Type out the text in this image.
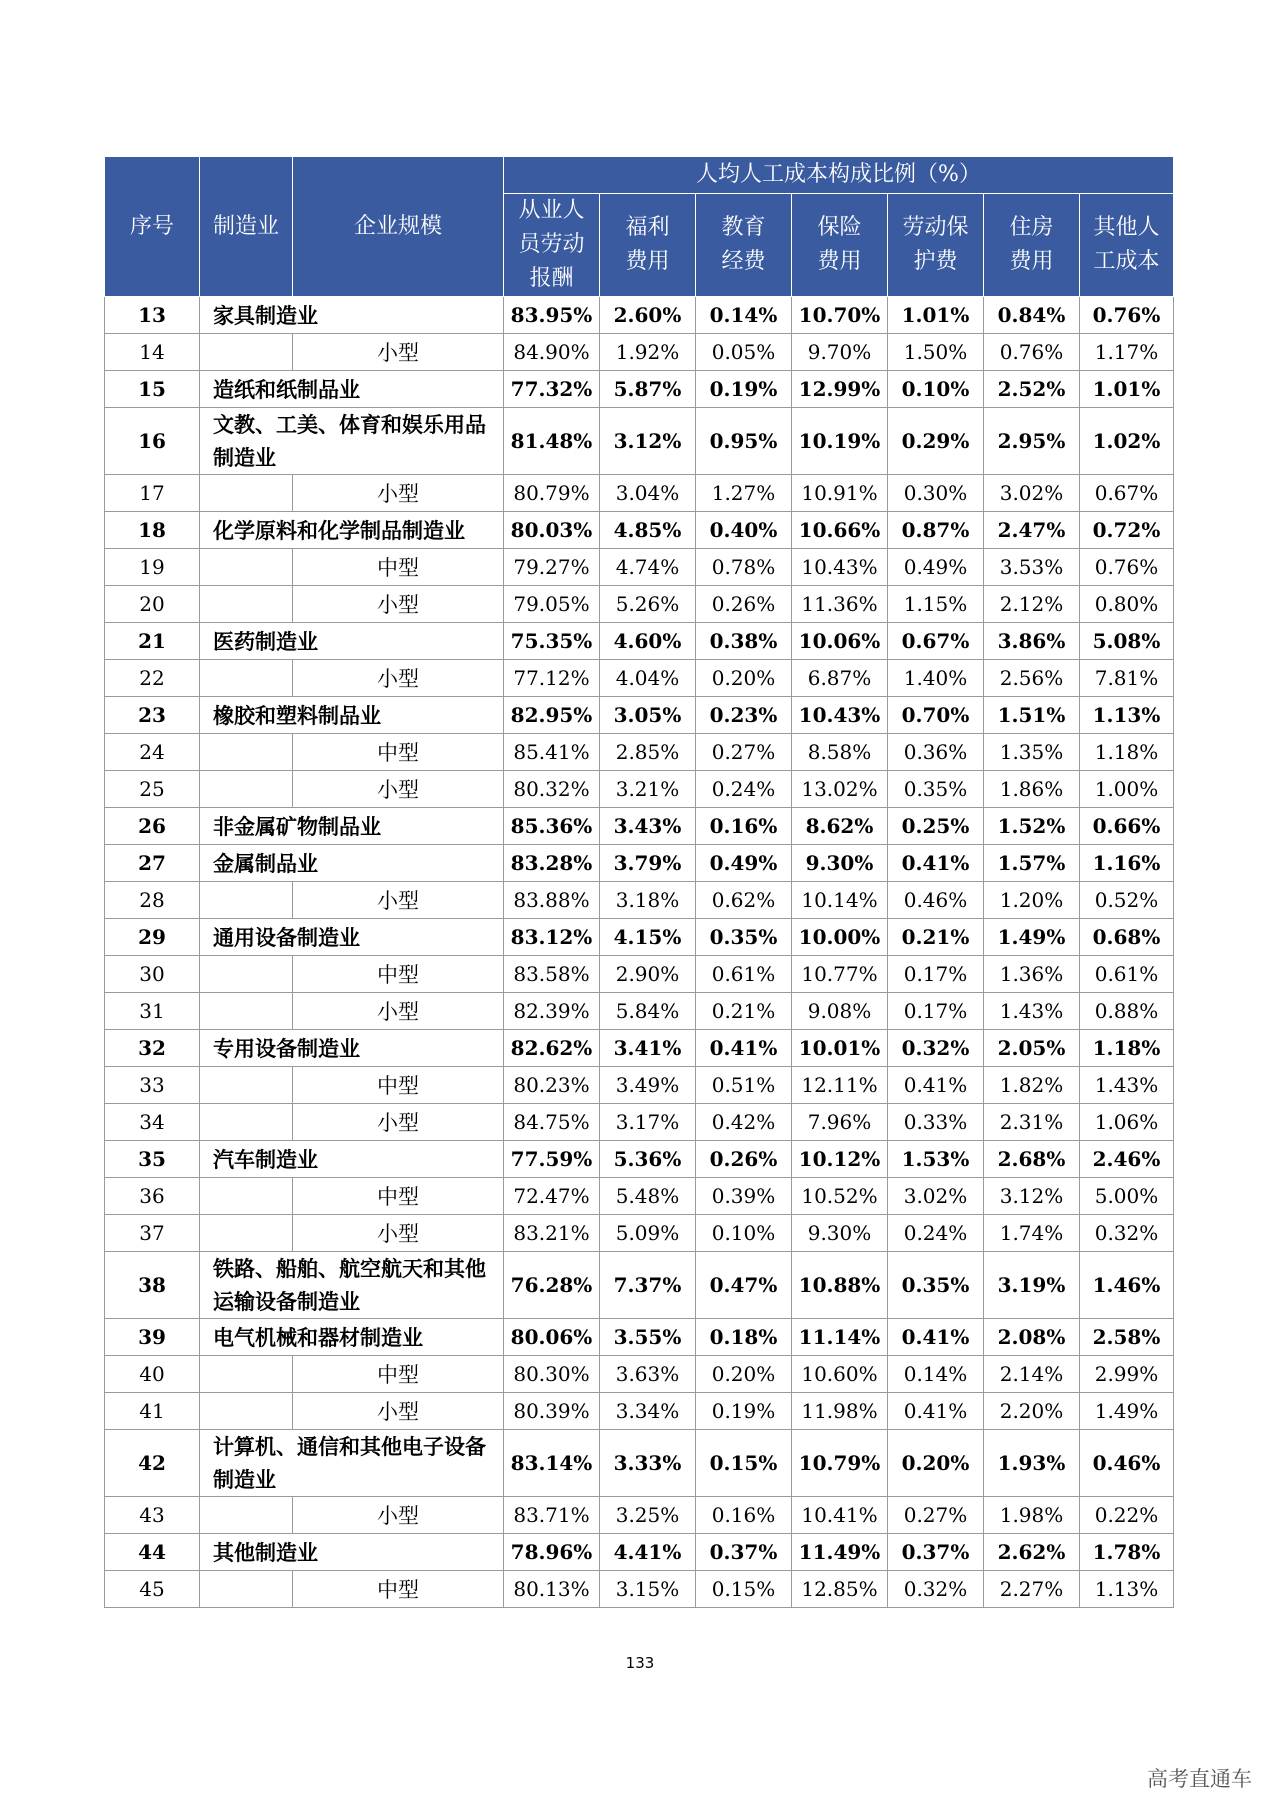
序号	制造业	企业规模	人均人工成本构成比例（%）						
			从业人员劳动报酬	福利费用	教育经费	保险费用	劳动保护费	住房费用	其他人工成本
13	家具制造业		83.95%	2.60%	0.14%	10.70%	1.01%	0.84%	0.76%
14		小型	84.90%	1.92%	0.05%	9.70%	1.50%	0.76%	1.17%
15	造纸和纸制品业		77.32%	5.87%	0.19%	12.99%	0.10%	2.52%	1.01%
16	文教、工美、体育和娱乐用品制造业		81.48%	3.12%	0.95%	10.19%	0.29%	2.95%	1.02%
17		小型	80.79%	3.04%	1.27%	10.91%	0.30%	3.02%	0.67%
18	化学原料和化学制品制造业		80.03%	4.85%	0.40%	10.66%	0.87%	2.47%	0.72%
19		中型	79.27%	4.74%	0.78%	10.43%	0.49%	3.53%	0.76%
20		小型	79.05%	5.26%	0.26%	11.36%	1.15%	2.12%	0.80%
21	医药制造业		75.35%	4.60%	0.38%	10.06%	0.67%	3.86%	5.08%
22		小型	77.12%	4.04%	0.20%	6.87%	1.40%	2.56%	7.81%
23	橡胶和塑料制品业		82.95%	3.05%	0.23%	10.43%	0.70%	1.51%	1.13%
24		中型	85.41%	2.85%	0.27%	8.58%	0.36%	1.35%	1.18%
25		小型	80.32%	3.21%	0.24%	13.02%	0.35%	1.86%	1.00%
26	非金属矿物制品业		85.36%	3.43%	0.16%	8.62%	0.25%	1.52%	0.66%
27	金属制品业		83.28%	3.79%	0.49%	9.30%	0.41%	1.57%	1.16%
28		小型	83.88%	3.18%	0.62%	10.14%	0.46%	1.20%	0.52%
29	通用设备制造业		83.12%	4.15%	0.35%	10.00%	0.21%	1.49%	0.68%
30		中型	83.58%	2.90%	0.61%	10.77%	0.17%	1.36%	0.61%
31		小型	82.39%	5.84%	0.21%	9.08%	0.17%	1.43%	0.88%
32	专用设备制造业		82.62%	3.41%	0.41%	10.01%	0.32%	2.05%	1.18%
33		中型	80.23%	3.49%	0.51%	12.11%	0.41%	1.82%	1.43%
34		小型	84.75%	3.17%	0.42%	7.96%	0.33%	2.31%	1.06%
35	汽车制造业		77.59%	5.36%	0.26%	10.12%	1.53%	2.68%	2.46%
36		中型	72.47%	5.48%	0.39%	10.52%	3.02%	3.12%	5.00%
37		小型	83.21%	5.09%	0.10%	9.30%	0.24%	1.74%	0.32%
38	铁路、船舶、航空航天和其他运输设备制造业		76.28%	7.37%	0.47%	10.88%	0.35%	3.19%	1.46%
39	电气机械和器材制造业		80.06%	3.55%	0.18%	11.14%	0.41%	2.08%	2.58%
40		中型	80.30%	3.63%	0.20%	10.60%	0.14%	2.14%	2.99%
41		小型	80.39%	3.34%	0.19%	11.98%	0.41%	2.20%	1.49%
42	计算机、通信和其他电子设备制造业		83.14%	3.33%	0.15%	10.79%	0.20%	1.93%	0.46%
43		小型	83.71%	3.25%	0.16%	10.41%	0.27%	1.98%	0.22%
44	其他制造业		78.96%	4.41%	0.37%	11.49%	0.37%	2.62%	1.78%
45		中型	80.13%	3.15%	0.15%	12.85%	0.32%	2.27%	1.13%
133
高考直通车
